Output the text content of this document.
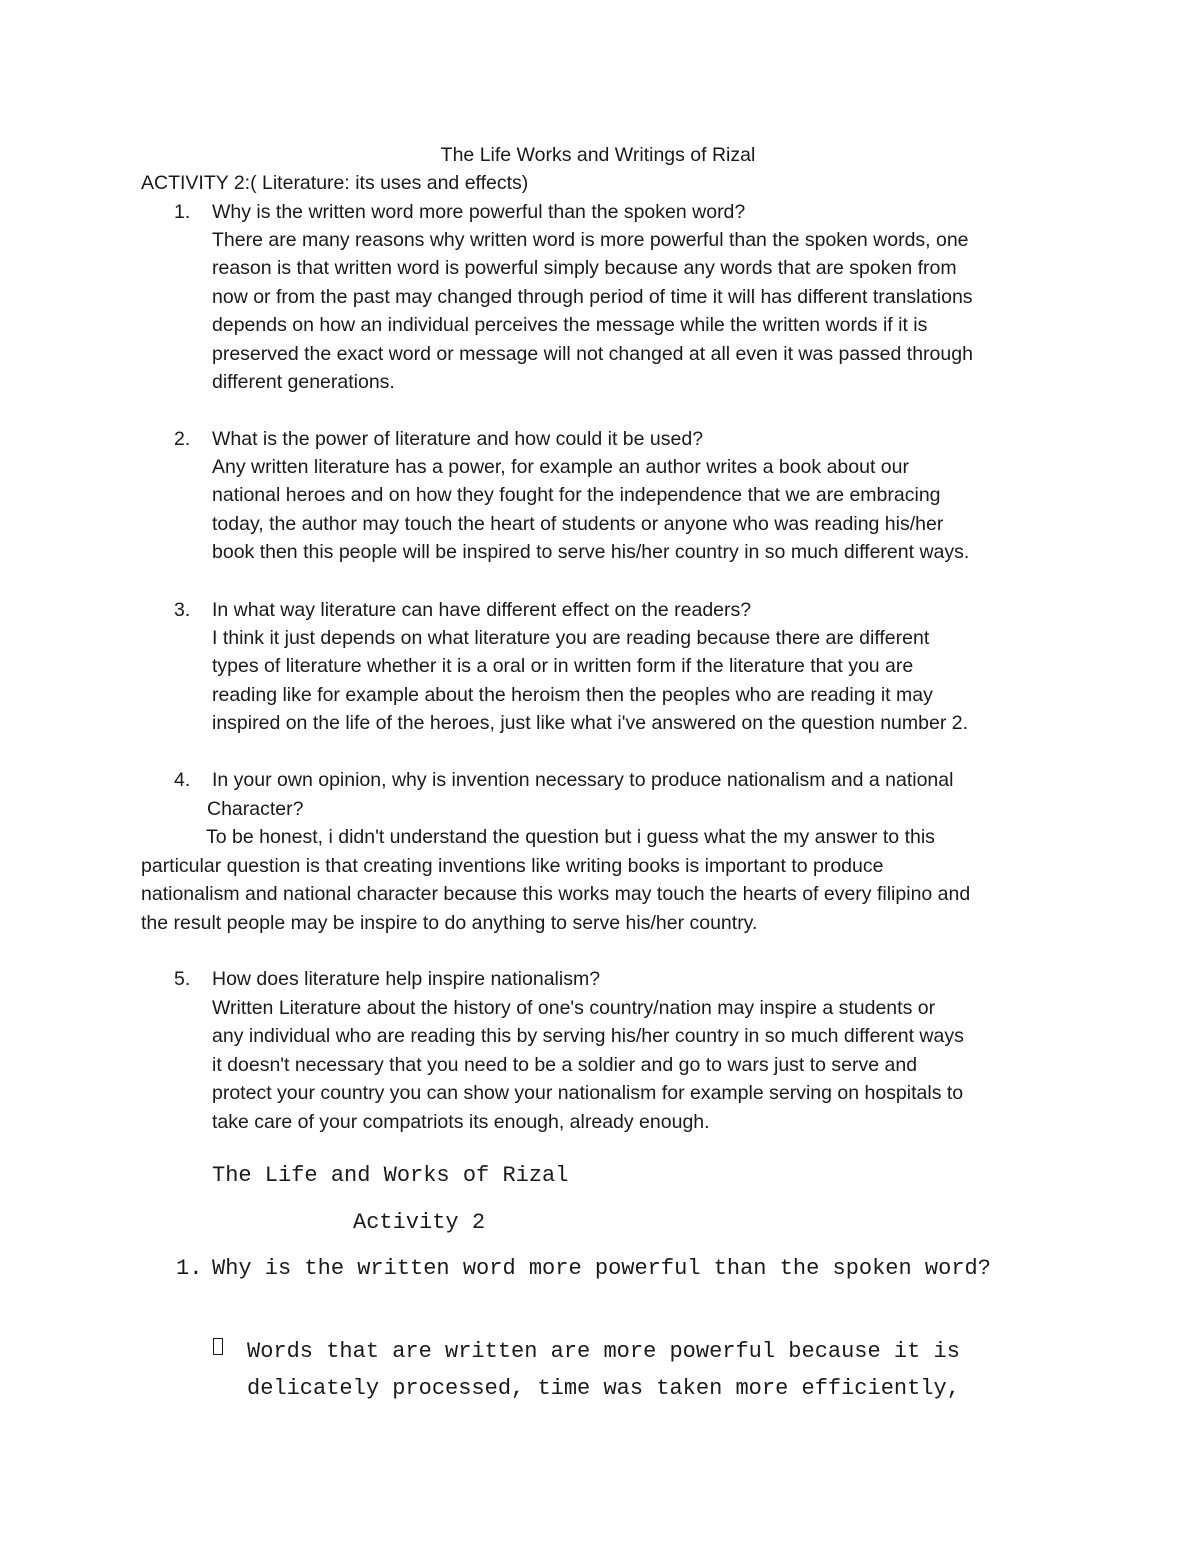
The Life Works and Writings of Rizal
ACTIVITY 2:( Literature: its uses and effects)
1. Why is the written word more powerful than the spoken word?
There are many reasons why written word is more powerful than the spoken words, one
reason is that written word is powerful simply because any words that are spoken from
now or from the past may changed through period of time it will has different translations
depends on how an individual perceives the message while the written words if it is
preserved the exact word or message will not changed at all even it was passed through
different generations.
2. What is the power of literature and how could it be used?
Any written literature has a power, for example an author writes a book about our
national heroes and on how they fought for the independence that we are embracing
today, the author may touch the heart of students or anyone who was reading his/her
book then this people will be inspired to serve his/her country in so much different ways.
3. In what way literature can have different effect on the readers?
I think it just depends on what literature you are reading because there are different
types of literature whether it is a oral or in written form if the literature that you are
reading like for example about the heroism then the peoples who are reading it may
inspired on the life of the heroes, just like what i've answered on the question number 2.
4. In your own opinion, why is invention necessary to produce nationalism and a national
Character?
To be honest, i didn't understand the question but i guess what the my answer to this
particular question is that creating inventions like writing books is important to produce
nationalism and national character because this works may touch the hearts of every filipino and
the result people may be inspire to do anything to serve his/her country.
5. How does literature help inspire nationalism?
Written Literature about the history of one's country/nation may inspire a students or
any individual who are reading this by serving his/her country in so much different ways
it doesn't necessary that you need to be a soldier and go to wars just to serve and
protect your country you can show your nationalism for example serving on hospitals to
take care of your compatriots its enough, already enough.
The Life and Works of Rizal
Activity 2
1. Why is the written word more powerful than the spoken word?
Words that are written are more powerful because it is
delicately processed, time was taken more efficiently,
